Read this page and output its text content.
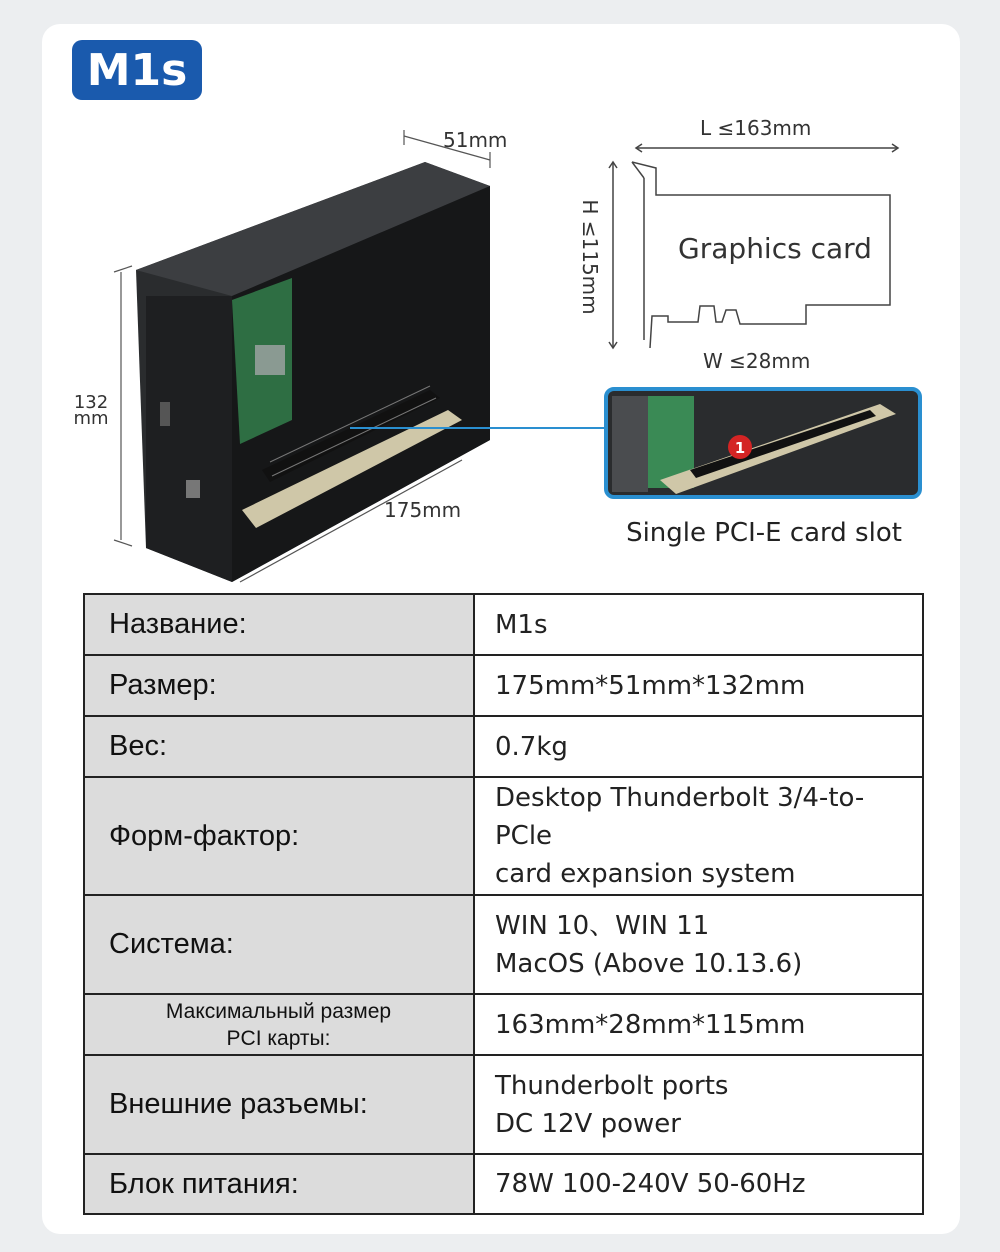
M1s
1
51mm
132
mm
175mm
L ≤163mm
H ≤115mm
W ≤28mm
Graphics card
Single PCI-E card slot
Название:	M1s

Размер:	175mm*51mm*132mm

Вес:	0.7kg

Форм-фактор:	Desktop Thunderbolt 3/4-to-PCle
card expansion system

Система:	WIN 10、WIN 11
MacOS (Above 10.13.6)

Максимальный размер
PCI карты:	163mm*28mm*115mm

Внешние разъемы:	Thunderbolt ports
DC 12V power

Блок питания:	78W 100-240V 50-60Hz
